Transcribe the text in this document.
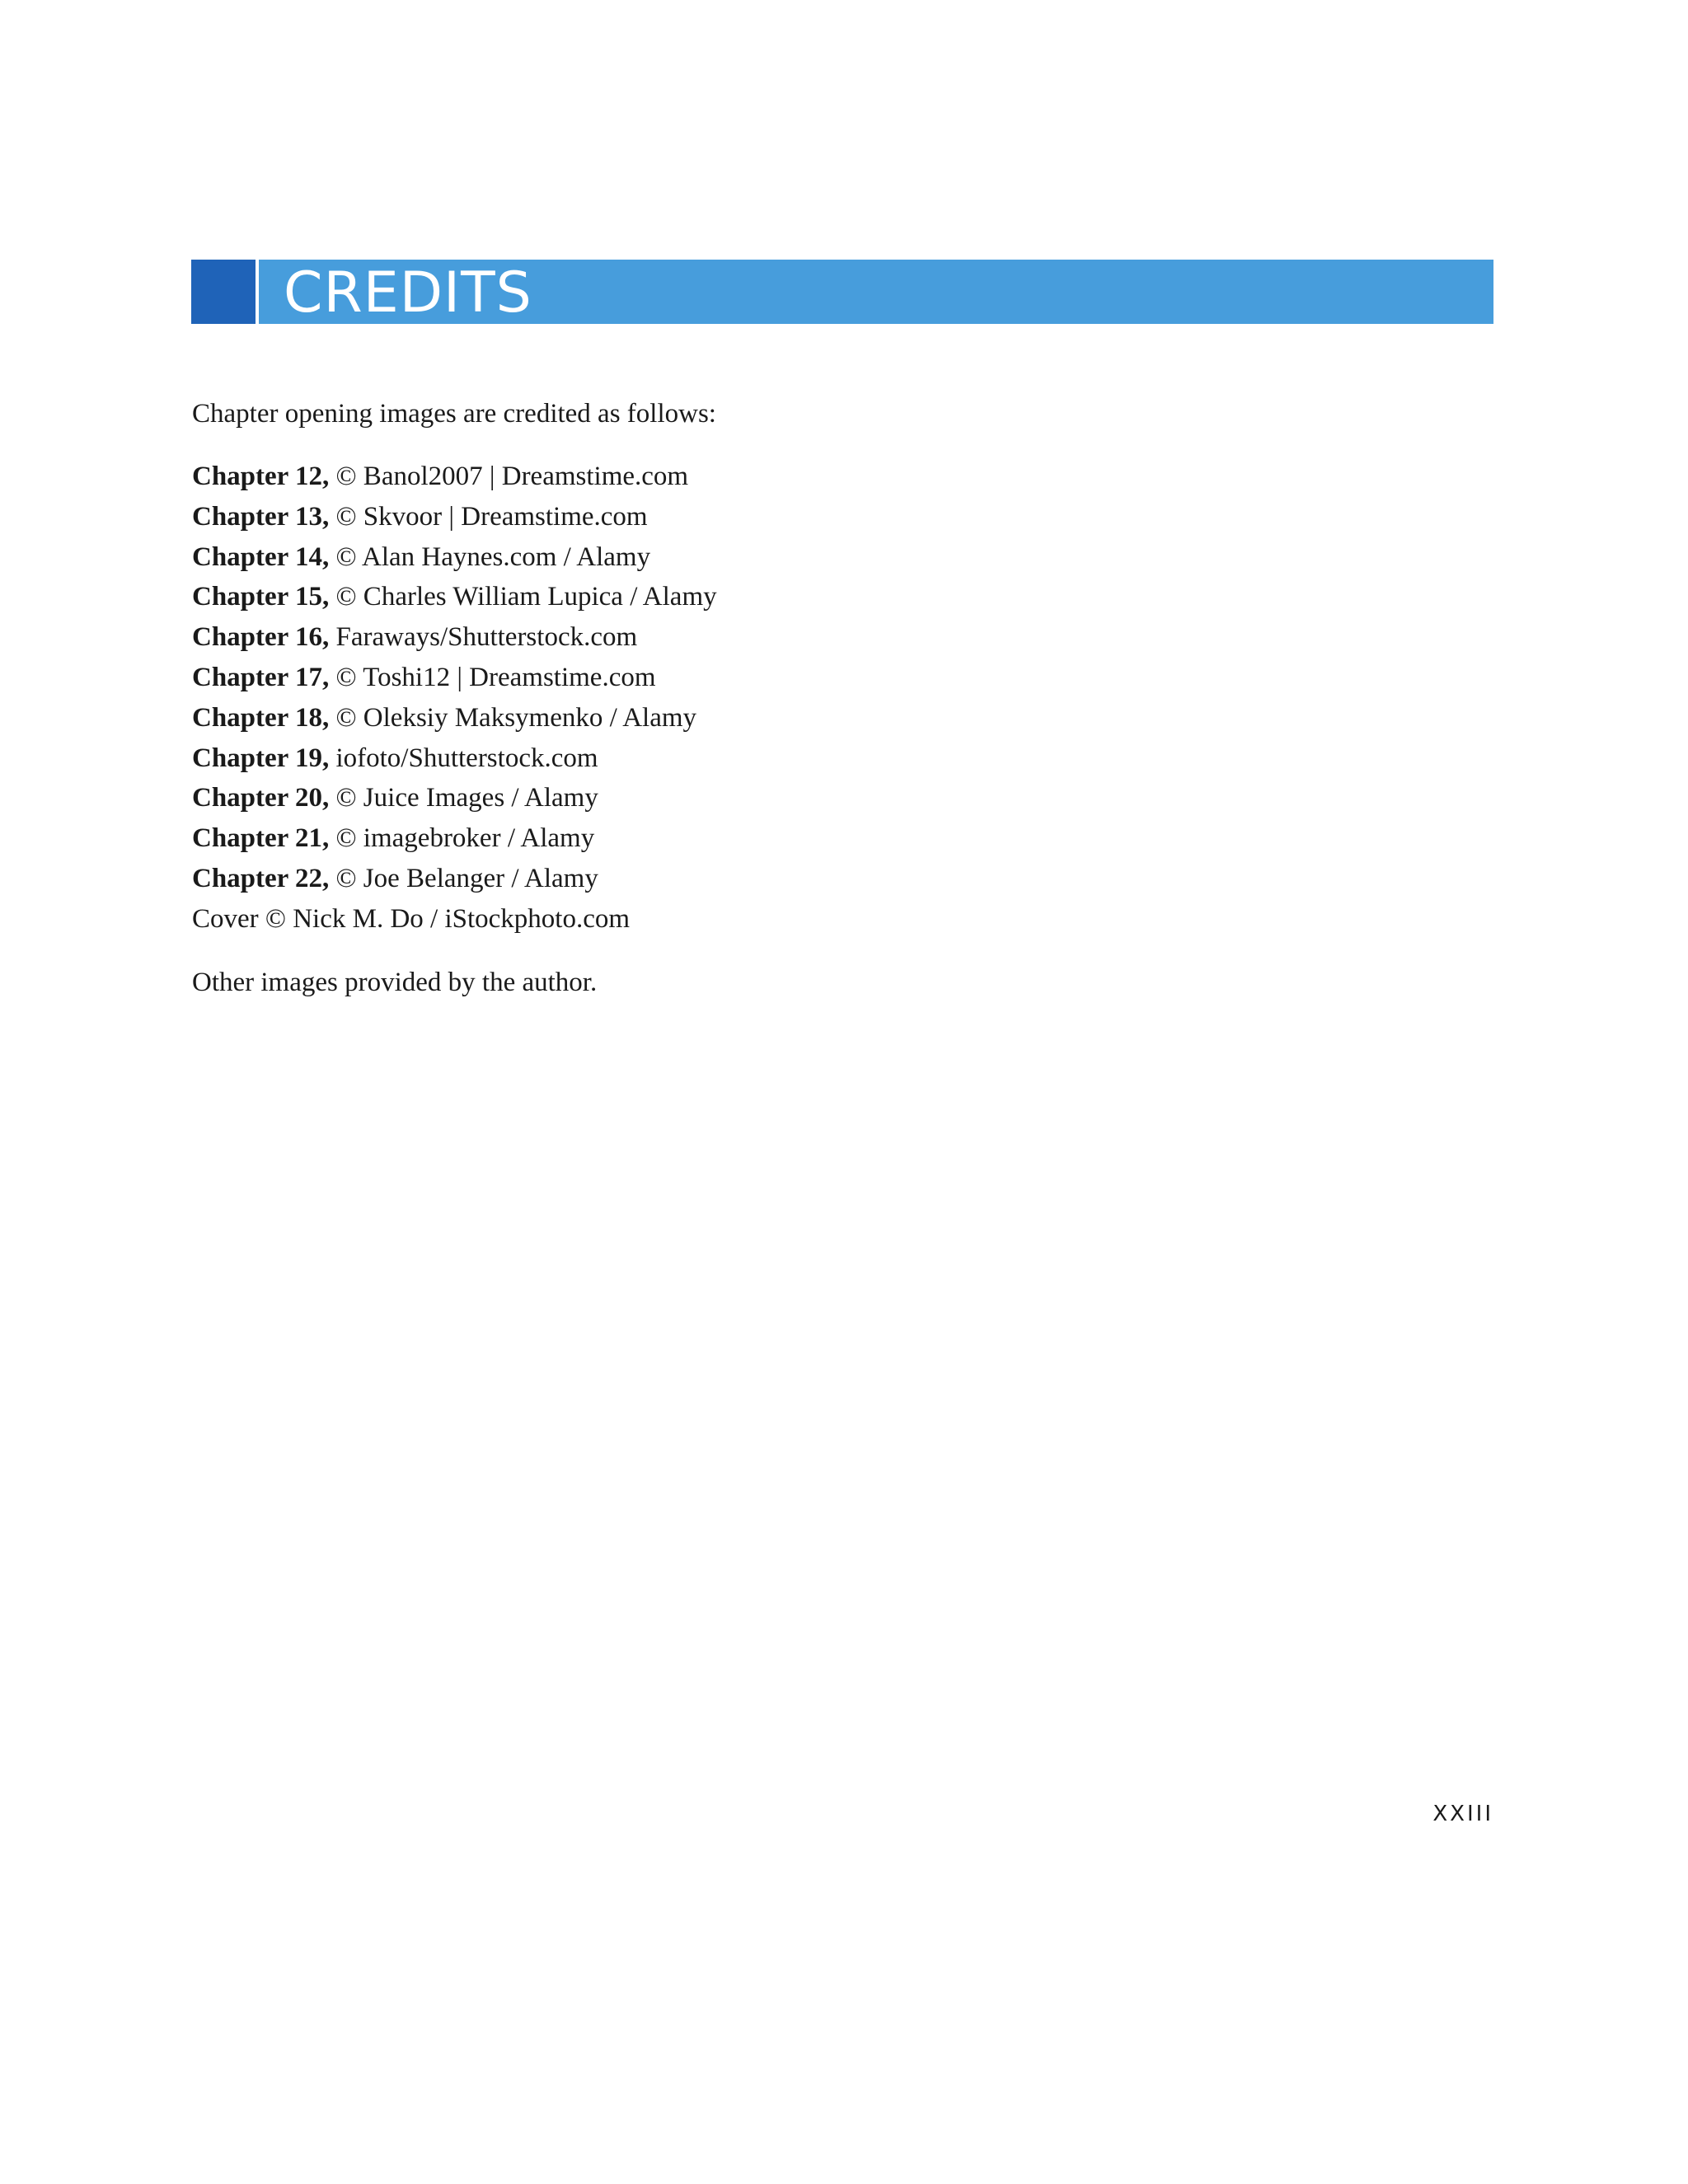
CREDITS

Chapter opening images are credited as follows:

Chapter 12, © Banol2007 | Dreamstime.com
Chapter 13, © Skvoor | Dreamstime.com
Chapter 14, © Alan Haynes.com / Alamy
Chapter 15, © Charles William Lupica / Alamy
Chapter 16, Faraways/Shutterstock.com
Chapter 17, © Toshi12 | Dreamstime.com
Chapter 18, © Oleksiy Maksymenko / Alamy
Chapter 19, iofoto/Shutterstock.com
Chapter 20, © Juice Images / Alamy
Chapter 21, © imagebroker / Alamy
Chapter 22, © Joe Belanger / Alamy
Cover © Nick M. Do / iStockphoto.com

Other images provided by the author.

XXIII
